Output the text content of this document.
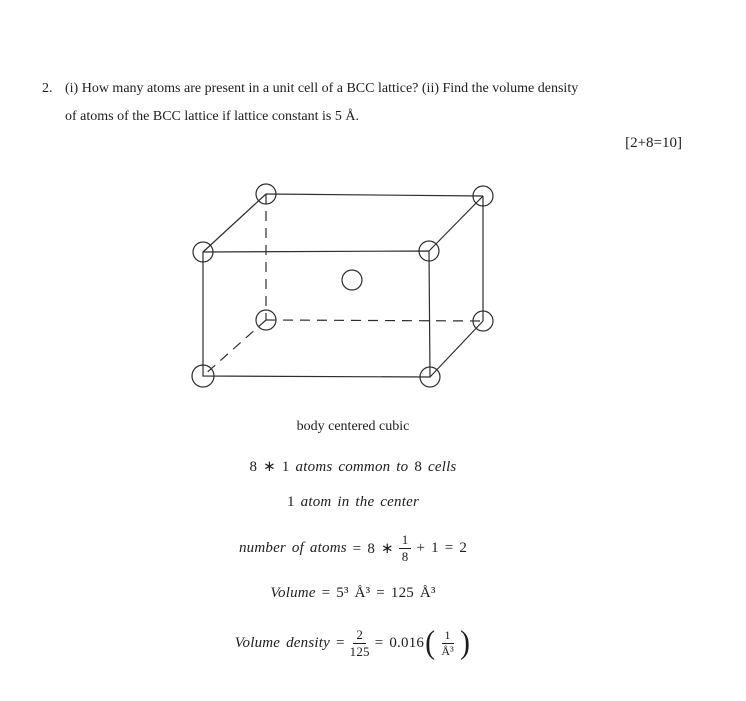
2. (i) How many atoms are present in a unit cell of a BCC lattice? (ii) Find the volume density
of atoms of the BCC lattice if lattice constant is 5 Å.
[2+8=10]
body centered cubic
8 ∗ 1 atoms common to 8 cells
1 atom in the center
number of atoms = 8 ∗ $\frac{1}{8} + 1 = 2$
Volume = 5³ Å³ = 125 Å³
Volume density = $\frac{2}{125} = 0.016$ ( $\frac{1}{\text{Å³}}$ )
